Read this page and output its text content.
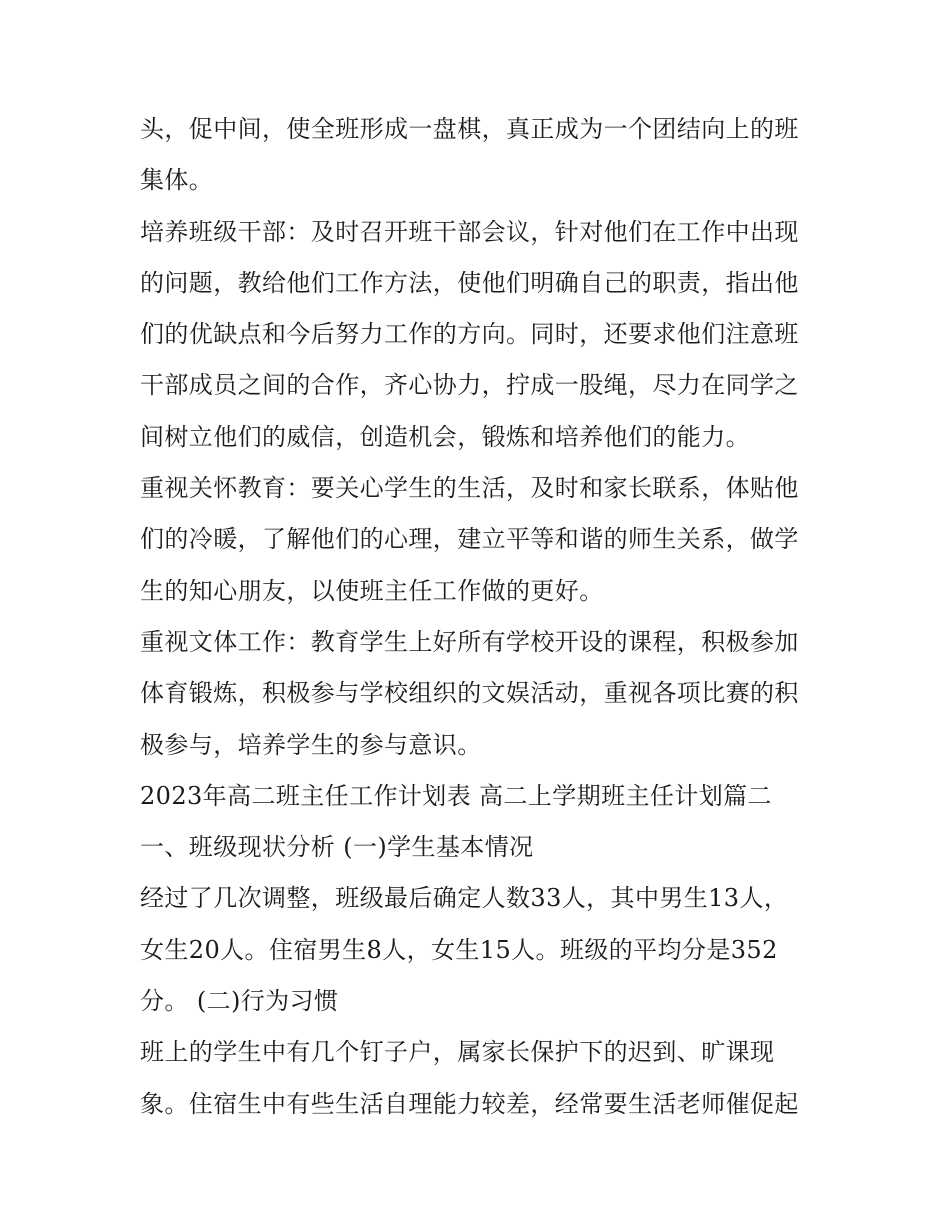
头，促中间，使全班形成一盘棋，真正成为一个团结向上的班
集体。
培养班级干部：及时召开班干部会议，针对他们在工作中出现
的问题，教给他们工作方法，使他们明确自己的职责，指出他
们的优缺点和今后努力工作的方向。同时，还要求他们注意班
干部成员之间的合作，齐心协力，拧成一股绳，尽力在同学之
间树立他们的威信，创造机会，锻炼和培养他们的能力。
重视关怀教育：要关心学生的生活，及时和家长联系，体贴他
们的冷暖，了解他们的心理，建立平等和谐的师生关系，做学
生的知心朋友，以使班主任工作做的更好。
重视文体工作：教育学生上好所有学校开设的课程，积极参加
体育锻炼，积极参与学校组织的文娱活动，重视各项比赛的积
极参与，培养学生的参与意识。
2023年高二班主任工作计划表 高二上学期班主任计划篇二
一、班级现状分析 (一)学生基本情况
经过了几次调整，班级最后确定人数33人，其中男生13人，
女生20人。住宿男生8人，女生15人。班级的平均分是352
分。 (二)行为习惯
班上的学生中有几个钉子户，属家长保护下的迟到、旷课现
象。住宿生中有些生活自理能力较差，经常要生活老师催促起
